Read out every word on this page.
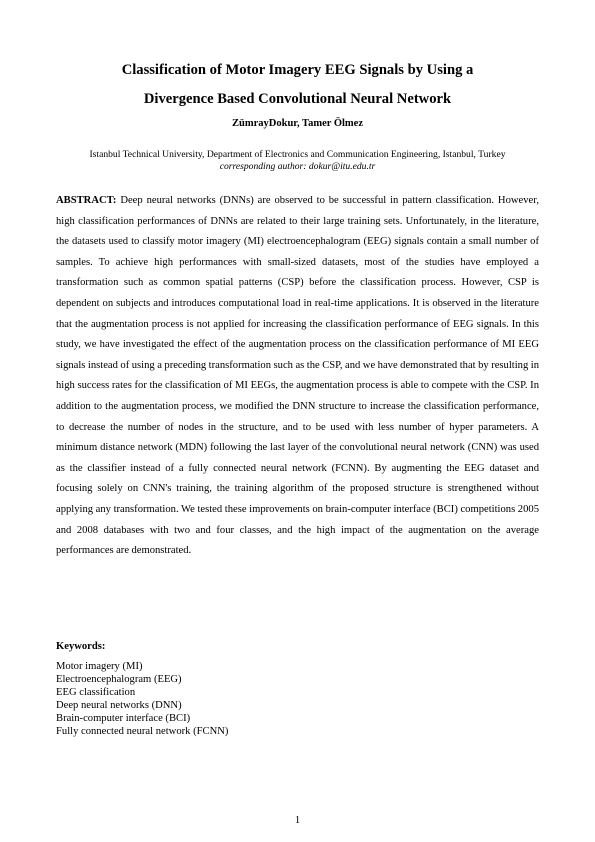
Classification of Motor Imagery EEG Signals by Using a
Divergence Based Convolutional Neural Network

ZümrayDokur, Tamer Ölmez

Istanbul Technical University, Department of Electronics and Communication Engineering, Istanbul, Turkey
corresponding author: dokur@itu.edu.tr

ABSTRACT: Deep neural networks (DNNs) are observed to be successful in pattern classification. However, high classification performances of DNNs are related to their large training sets. Unfortunately, in the literature, the datasets used to classify motor imagery (MI) electroencephalogram (EEG) signals contain a small number of samples. To achieve high performances with small-sized datasets, most of the studies have employed a transformation such as common spatial patterns (CSP) before the classification process. However, CSP is dependent on subjects and introduces computational load in real-time applications. It is observed in the literature that the augmentation process is not applied for increasing the classification performance of EEG signals. In this study, we have investigated the effect of the augmentation process on the classification performance of MI EEG signals instead of using a preceding transformation such as the CSP, and we have demonstrated that by resulting in high success rates for the classification of MI EEGs, the augmentation process is able to compete with the CSP. In addition to the augmentation process, we modified the DNN structure to increase the classification performance, to decrease the number of nodes in the structure, and to be used with less number of hyper parameters. A minimum distance network (MDN) following the last layer of the convolutional neural network (CNN) was used as the classifier instead of a fully connected neural network (FCNN). By augmenting the EEG dataset and focusing solely on CNN's training, the training algorithm of the proposed structure is strengthened without applying any transformation. We tested these improvements on brain-computer interface (BCI) competitions 2005 and 2008 databases with two and four classes, and the high impact of the augmentation on the average performances are demonstrated.

Keywords:

Motor imagery (MI)
Electroencephalogram (EEG)
EEG classification
Deep neural networks (DNN)
Brain-computer interface (BCI)
Fully connected neural network (FCNN)

1
